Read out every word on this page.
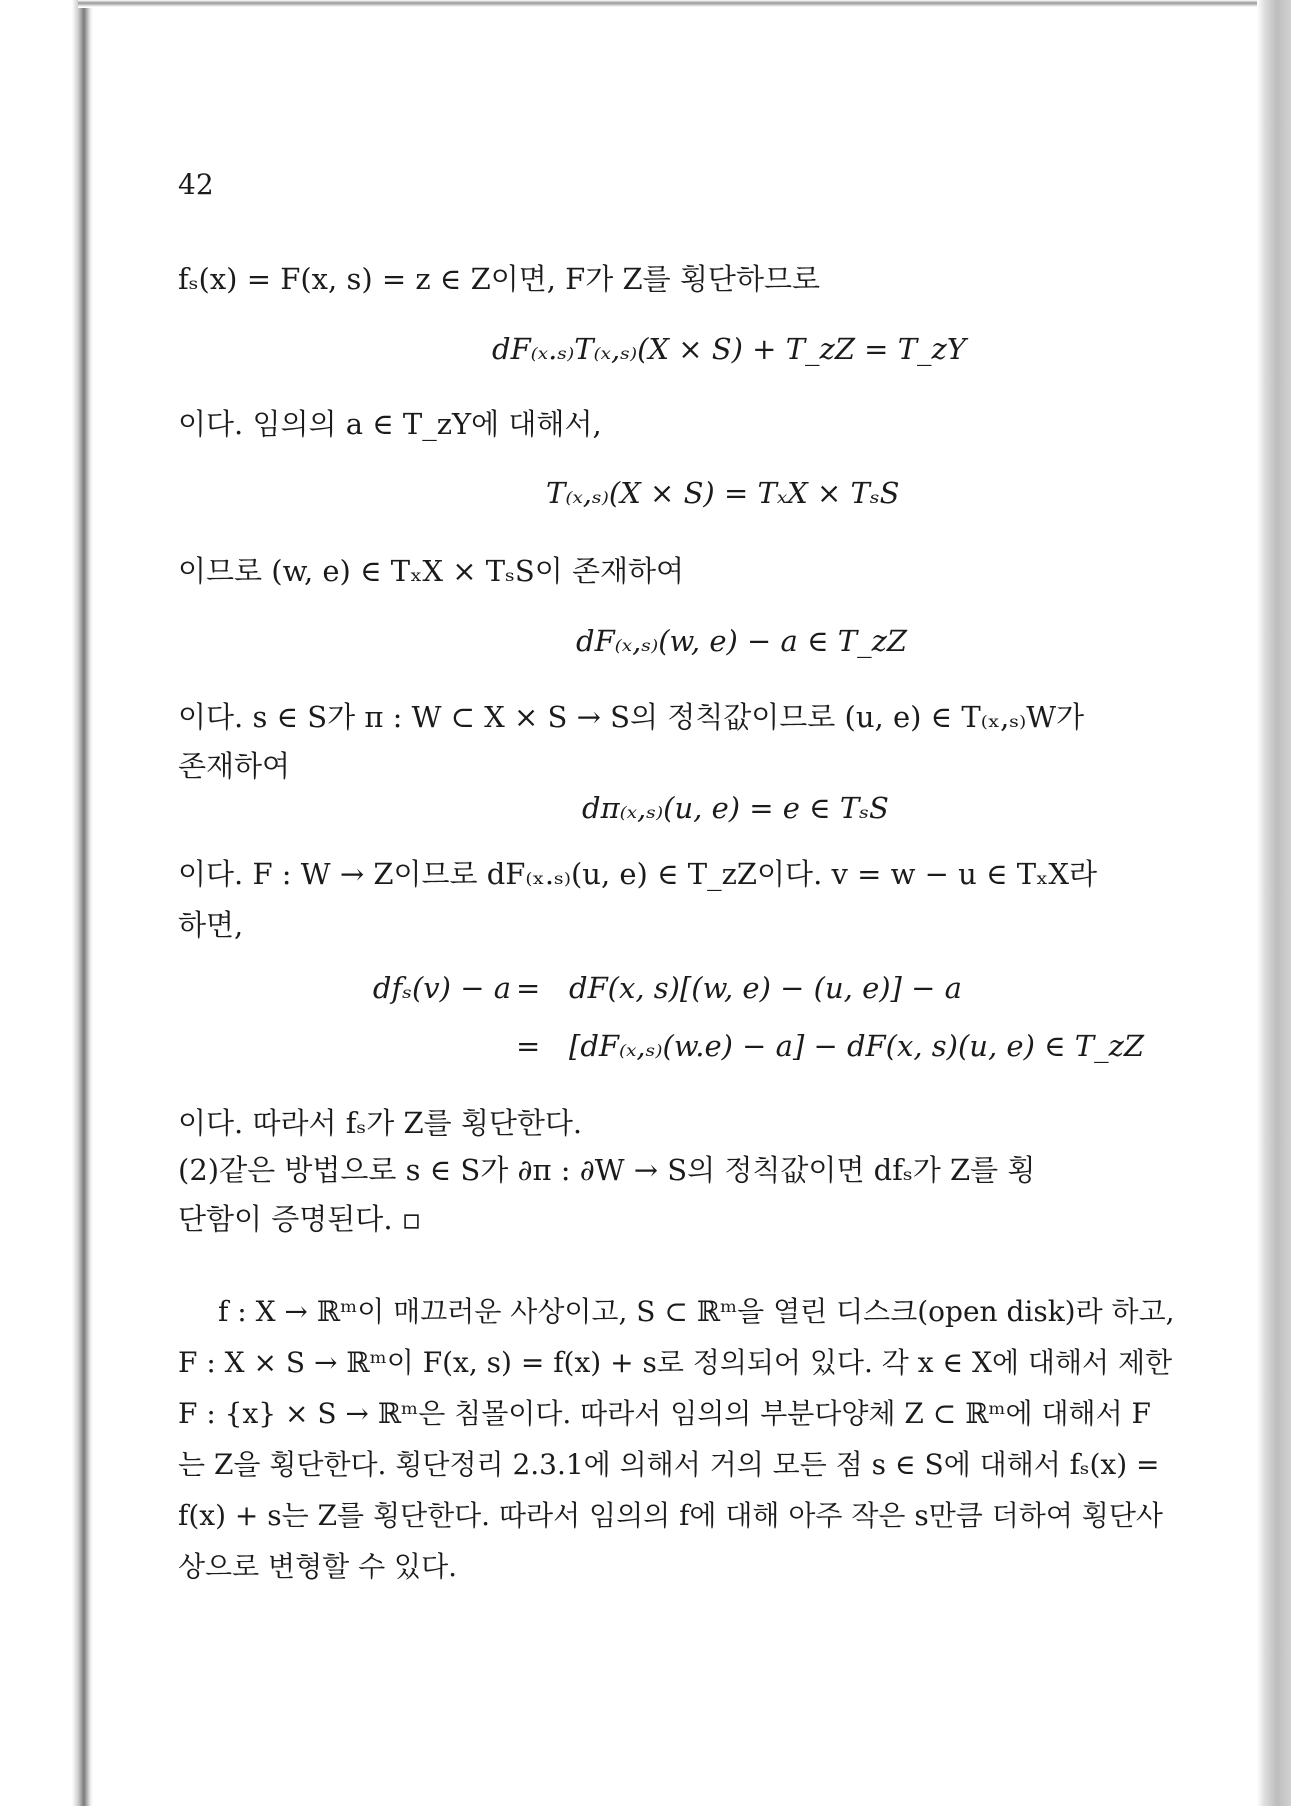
42
fₛ(x) = F(x, s) = z ∈ Z이면, F가 Z를 횡단하므로
dF₍ₓ.ₛ₎T₍ₓ,ₛ₎(X × S) + T_zZ = T_zY
이다. 임의의 a ∈ T_zY에 대해서,
T₍ₓ,ₛ₎(X × S) = TₓX × TₛS
이므로 (w, e) ∈ TₓX × TₛS이 존재하여
dF₍ₓ,ₛ₎(w, e) − a ∈ T_zZ
이다. s ∈ S가 π : W ⊂ X × S → S의 정칙값이므로 (u, e) ∈ T₍ₓ,ₛ₎W가
존재하여
dπ₍ₓ,ₛ₎(u, e) = e ∈ TₛS
이다. F : W → Z이므로 dF₍ₓ.ₛ₎(u, e) ∈ T_zZ이다. v = w − u ∈ TₓX라
하면,
dfₛ(v) − a = dF(x, s)[(w, e) − (u, e)] − a
= [dF₍ₓ,ₛ₎(w.e) − a] − dF(x, s)(u, e) ∈ T_zZ
이다. 따라서 fₛ가 Z를 횡단한다.
(2)같은 방법으로 s ∈ S가 ∂π : ∂W → S의 정칙값이면 dfₛ가 Z를 횡
단함이 증명된다. ▫
f : X → ℝᵐ이 매끄러운 사상이고, S ⊂ ℝᵐ을 열린 디스크(open disk)라 하고, F : X × S → ℝᵐ이 F(x, s) = f(x) + s로 정의되어 있다. 각 x ∈ X에 대해서 제한 F : {x} × S → ℝᵐ은 침몰이다. 따라서 임의의 부분다양체 Z ⊂ ℝᵐ에 대해서 F는 Z을 횡단한다. 횡단정리 2.3.1에 의해서 거의 모든 점 s ∈ S에 대해서 fₛ(x) = f(x) + s는 Z를 횡단한다. 따라서 임의의 f에 대해 아주 작은 s만큼 더하여 횡단사상으로 변형할 수 있다.
